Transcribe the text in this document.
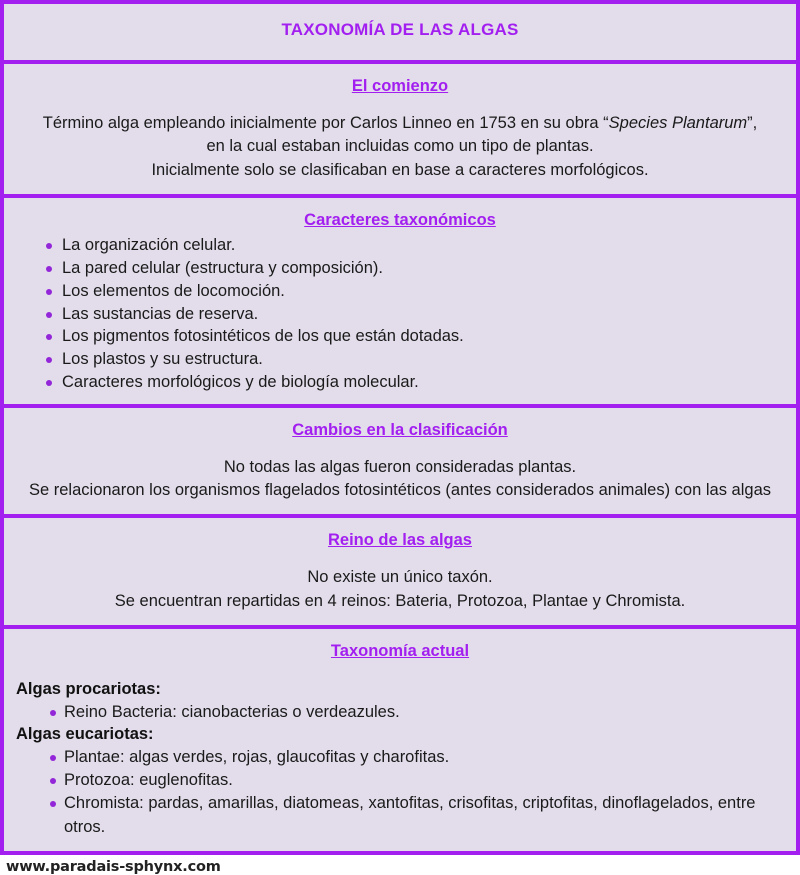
TAXONOMÍA DE LAS ALGAS
El comienzo
Término alga empleando inicialmente por Carlos Linneo en 1753 en su obra “Species Plantarum”,
en la cual estaban incluidas como un tipo de plantas.
Inicialmente solo se clasificaban en base a caracteres morfológicos.
Caracteres taxonómicos
La organización celular.
La pared celular (estructura y composición).
Los elementos de locomoción.
Las sustancias de reserva.
Los pigmentos fotosintéticos de los que están dotadas.
Los plastos y su estructura.
Caracteres morfológicos y de biología molecular.
Cambios en la clasificación
No todas las algas fueron consideradas plantas.
Se relacionaron los organismos flagelados fotosintéticos (antes considerados animales) con las algas
Reino de las algas
No existe un único taxón.
Se encuentran repartidas en 4 reinos: Bateria, Protozoa, Plantae y Chromista.
Taxonomía actual
Algas procariotas:
Reino Bacteria: cianobacterias o verdeazules.
Algas eucariotas:
Plantae: algas verdes, rojas, glaucofitas y charofitas.
Protozoa: euglenofitas.
Chromista: pardas, amarillas, diatomeas, xantofitas, crisofitas, criptofitas, dinoflagelados, entre otros.
www.paradais-sphynx.com
